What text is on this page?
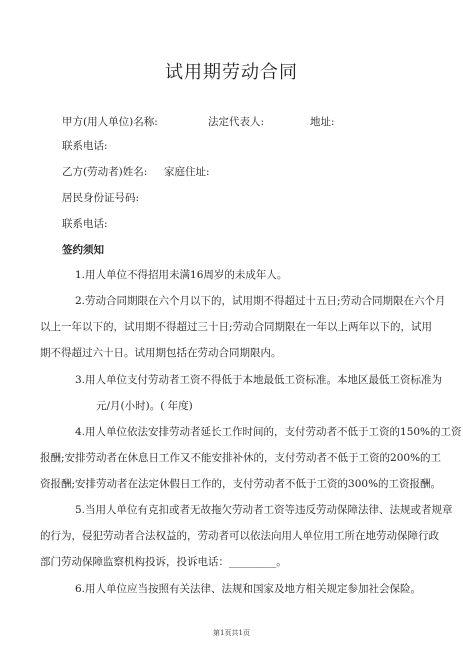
试用期劳动合同
甲方(用人单位)名称:	法定代表人:	地址:
联系电话:
乙方(劳动者)姓名: 家庭住址:
居民身份证号码:
联系电话:
签约须知
1.用人单位不得招用未满16周岁的未成年人。
2.劳动合同期限在六个月以下的，试用期不得超过十五日;劳动合同期限在六个月
以上一年以下的，试用期不得超过三十日;劳动合同期限在一年以上两年以下的，试用
期不得超过六十日。试用期包括在劳动合同期限内。
3.用人单位支付劳动者工资不得低于本地最低工资标准。本地区最低工资标准为
元/月(小时)。( 年度)
4.用人单位依法安排劳动者延长工作时间的，支付劳动者不低于工资的150%的工资
报酬;安排劳动者在休息日工作又不能安排补休的，支付劳动者不低于工资的200%的工
资报酬;安排劳动者在法定休假日工作的，支付劳动者不低于工资的300%的工资报酬。
5.当用人单位有克扣或者无故拖欠劳动者工资等违反劳动保障法律、法规或者规章
的行为，侵犯劳动者合法权益的，劳动者可以依法向用人单位用工所在地劳动保障行政
部门劳动保障监察机构投诉，投诉电话：_________。
6.用人单位应当按照有关法律、法规和国家及地方相关规定参加社会保险。
第1页共1页
